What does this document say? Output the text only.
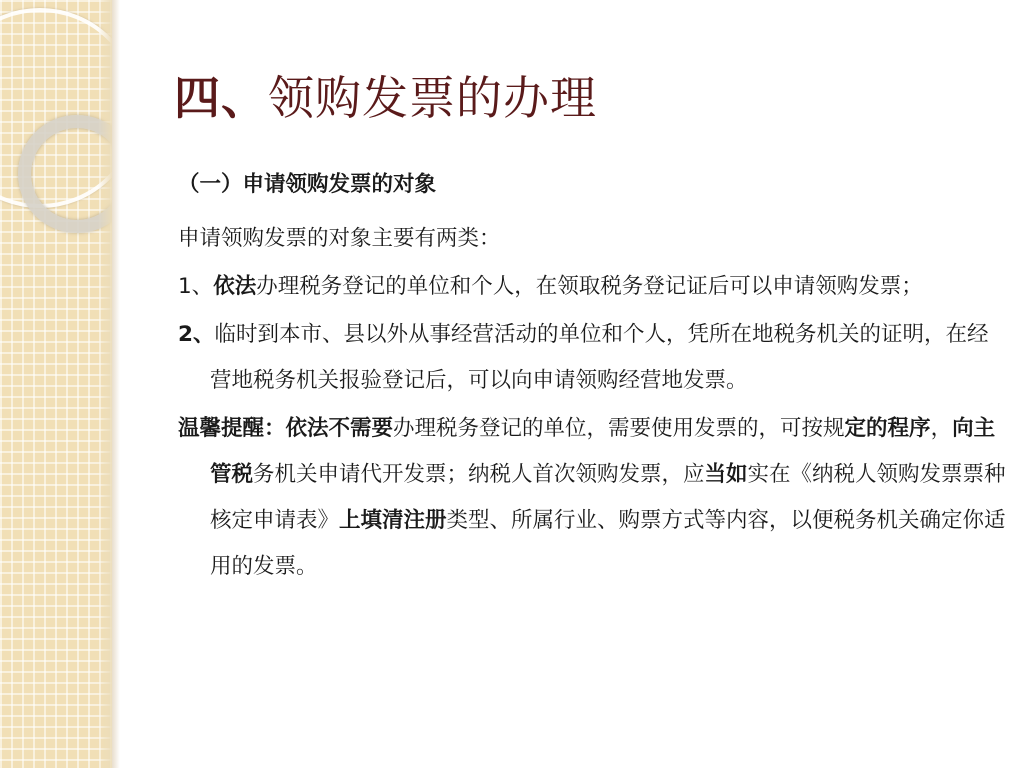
四、领购发票的办理

（一）申请领购发票的对象

申请领购发票的对象主要有两类：

1、依法办理税务登记的单位和个人，在领取税务登记证后可以申请领购发票；

2、临时到本市、县以外从事经营活动的单位和个人，凭所在地税务机关的证明，在经营地税务机关报验登记后，可以向申请领购经营地发票。

温馨提醒：依法不需要办理税务登记的单位，需要使用发票的，可按规定的程序，向主管税务机关申请代开发票；纳税人首次领购发票，应当如实在《纳税人领购发票票种核定申请表》上填清注册类型、所属行业、购票方式等内容，以便税务机关确定你适用的发票。
